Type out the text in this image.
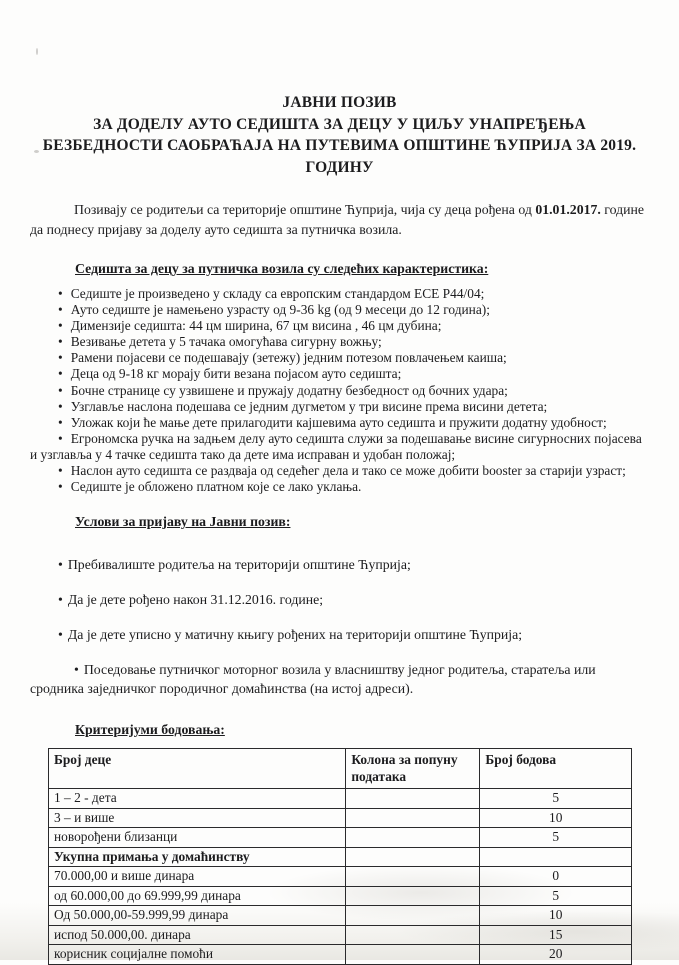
ЈАВНИ ПОЗИВ
ЗА ДОДЕЛУ АУТО СЕДИШТА ЗА ДЕЦУ У ЦИЉУ УНАПРЕЂЕЊА
БЕЗБЕДНОСТИ САОБРАЋАЈА НА ПУТЕВИМА ОПШТИНЕ ЋУПРИЈА ЗА 2019.
ГОДИНУ

Позивају се родитељи са територије општине Ћуприја, чија су деца рођена од 01.01.2017. године да поднесу пријаву за доделу ауто седишта за путничка возила.

Седишта за децу за путничка возила су следећих карактеристика:
• Седиште је произведено у складу са европским стандардом ЕСЕ Р44/04;
• Ауто седиште је намењено узрасту од 9-36 kg (од 9 месеци до 12 година);
• Димензије седишта: 44 цм ширина, 67 цм висина , 46 цм дубина;
• Везивање детета у 5 тачака омогућава сигурну вожњу;
• Рамени појасеви се подешавају (зетежу) једним потезом повлачењем каиша;
• Деца од 9-18 кг морају бити везана појасом ауто седишта;
• Бочне странице су узвишене и пружају додатну безбедност од бочних удара;
• Узглавље наслона подешава се једним дугметом у три висине према висини детета;
• Уложак који ће мање дете прилагодити кајшевима ауто седишта и пружити додатну удобност;
• Егрономска ручка на задњем делу ауто седишта служи за подешавање висине сигурносних појасева и узглавља у 4 тачке седишта тако да дете има исправан и удобан положај;
• Наслон ауто седишта се раздваја од седећег дела и тако се може добити booster за старији узраст;
• Седиште је обложено платном које се лако уклања.
Услови за пријаву на Јавни позив:
• Пребивалиште родитеља на територији општине Ћуприја;
• Да је дете рођено након 31.12.2016. године;
• Да је дете уписно у матичну књигу рођених на територији општине Ћуприја;
• Поседовање путничког моторног возила у власништву једног родитеља, старатеља или сродника заједничког породичног домаћинства (на истој адреси).
Критеријуми бодовања:
Број деце	Колона за попуну података	Број бодова
1 – 2 - дета		5
3 – и више		10
новорођени близанци		5
Укупна примања у домаћинству		
70.000,00 и више динара		0
од 60.000,00 до 69.999,99 динара		5
Од 50.000,00-59.999,99 динара		10
испод 50.000,00. динара		15
корисник социјалне помоћи		20
